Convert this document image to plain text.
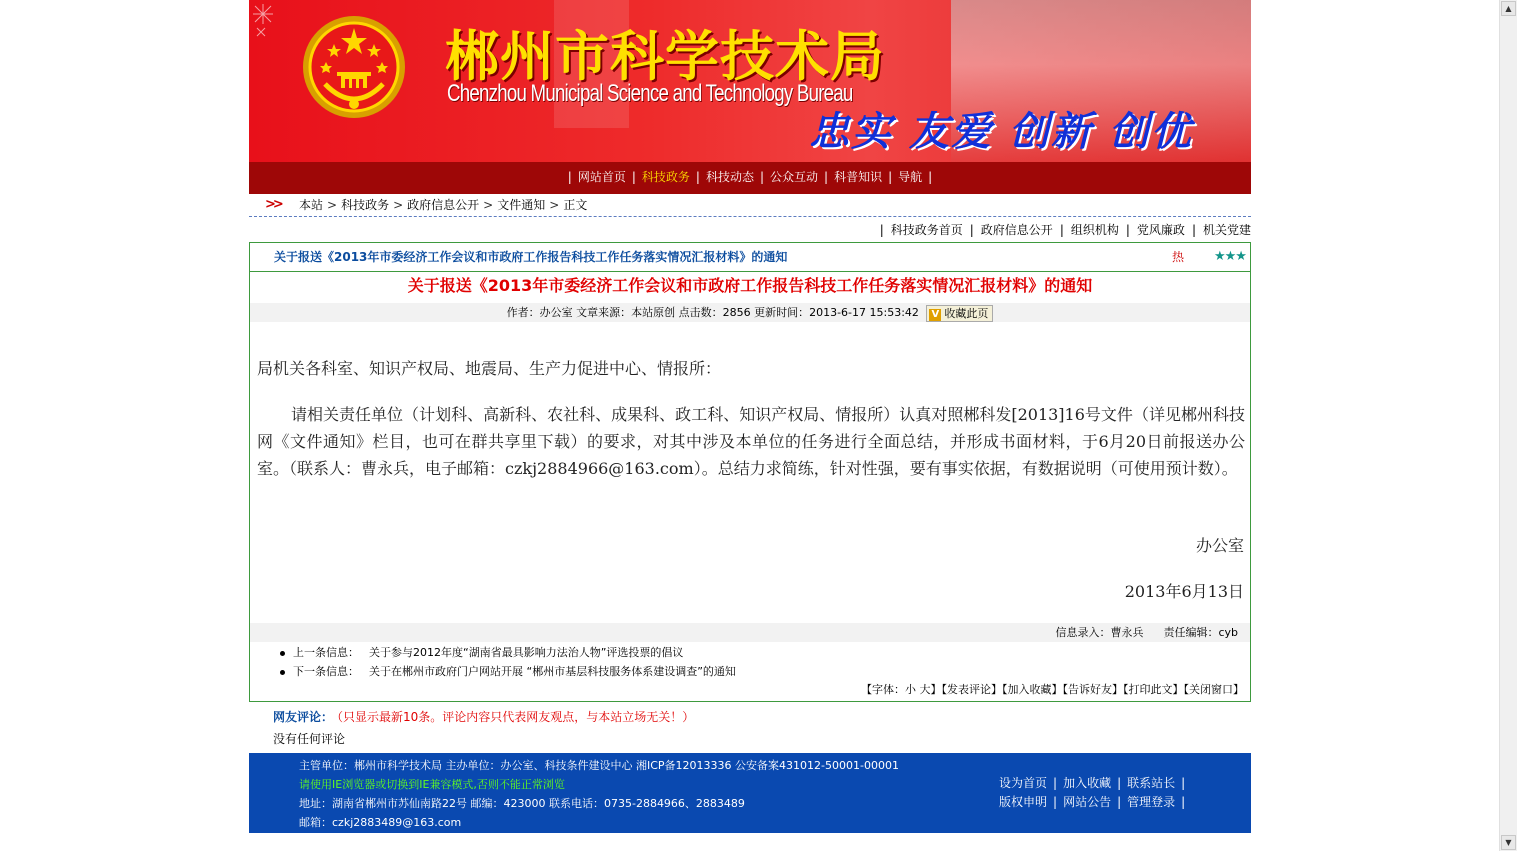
郴州市科学技术局
Chenzhou Municipal Science and Technology Bureau
忠实 友爱 创新 创优
| 网站首页 | 科技政务 | 科技动态 | 公众互动 | 科普知识 | 导航 |
>> 本站 > 科技政务 > 政府信息公开 > 文件通知 > 正文
| 科技政务首页 | 政府信息公开 | 组织机构 | 党风廉政 | 机关党建
关于报送《2013年市委经济工作会议和市政府工作报告科技工作任务落实情况汇报材料》的通知	热 ★★★
关于报送《2013年市委经济工作会议和市政府工作报告科技工作任务落实情况汇报材料》的通知
作者：办公室 文章来源：本站原创 点击数：2856 更新时间：2013-6-17 15:53:42 V 收藏此页

局机关各科室、知识产权局、地震局、生产力促进中心、情报所：

请相关责任单位（计划科、高新科、农社科、成果科、政工科、知识产权局、情报所）认真对照郴科发[2013]16号文件（详见郴州科技网《文件通知》栏目，也可在群共享里下载）的要求，对其中涉及本单位的任务进行全面总结，并形成书面材料，于6月20日前报送办公室。（联系人：曹永兵，电子邮箱：czkj2884966@163.com）。总结力求简练，针对性强，要有事实依据，有数据说明（可使用预计数）。

办公室
2013年6月13日
信息录入：曹永兵 责任编辑：cyb
上一条信息： 关于参与2012年度“湖南省最具影响力法治人物”评选投票的倡议
下一条信息： 关于在郴州市政府门户网站开展 “郴州市基层科技服务体系建设调查”的通知
【字体：小 大】【发表评论】【加入收藏】【告诉好友】【打印此文】【关闭窗口】
网友评论： （只显示最新10条。评论内容只代表网友观点，与本站立场无关！）
没有任何评论
主管单位：郴州市科学技术局 主办单位：办公室、科技条件建设中心 湘ICP备12013336 公安备案431012-50001-00001
请使用IE浏览器或切换到IE兼容模式,否则不能正常浏览
地址：湖南省郴州市苏仙南路22号 邮编：423000 联系电话：0735-2884966、2883489
邮箱：czkj2883489@163.com
设为首页 | 加入收藏 | 联系站长 |
版权申明 | 网站公告 | 管理登录 |
▲
▼
